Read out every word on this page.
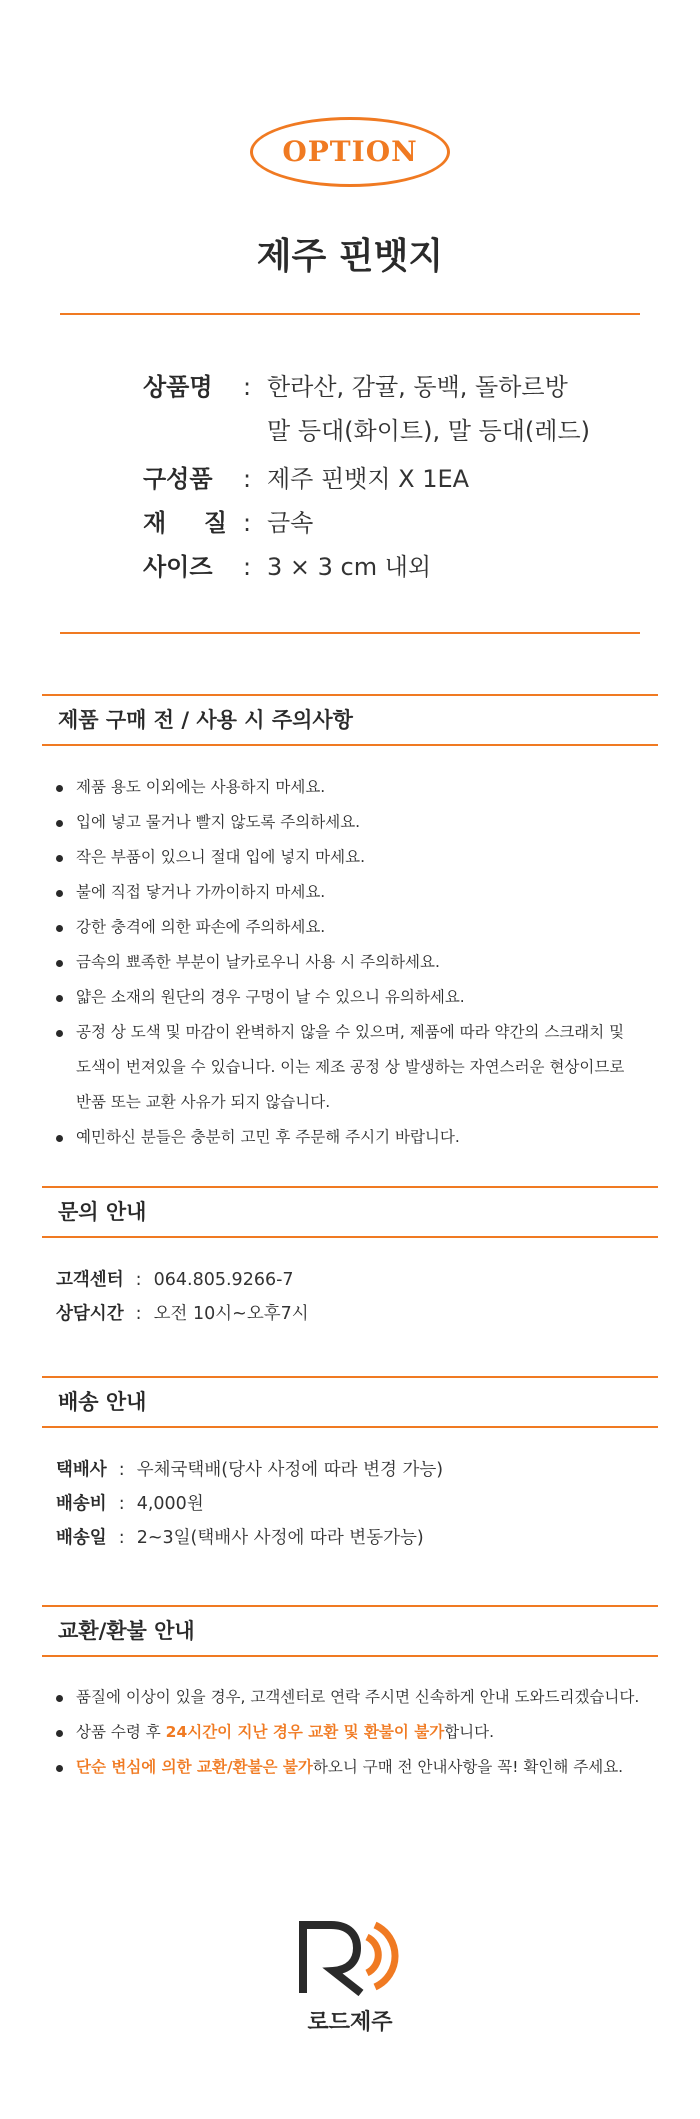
OPTION
제주 핀뱃지
상품명	: 한라산, 감귤, 동백, 돌하르방
말 등대(화이트), 말 등대(레드)
구성품	: 제주 핀뱃지 X 1EA
재 질 : 금속
사이즈	: 3 × 3 cm 내외
제품 구매 전 / 사용 시 주의사항
제품 용도 이외에는 사용하지 마세요.
입에 넣고 물거나 빨지 않도록 주의하세요.
작은 부품이 있으니 절대 입에 넣지 마세요.
불에 직접 닿거나 가까이하지 마세요.
강한 충격에 의한 파손에 주의하세요.
금속의 뾰족한 부분이 날카로우니 사용 시 주의하세요.
얇은 소재의 원단의 경우 구멍이 날 수 있으니 유의하세요.
공정 상 도색 및 마감이 완벽하지 않을 수 있으며, 제품에 따라 약간의 스크래치 및
도색이 번져있을 수 있습니다. 이는 제조 공정 상 발생하는 자연스러운 현상이므로
반품 또는 교환 사유가 되지 않습니다.
예민하신 분들은 충분히 고민 후 주문해 주시기 바랍니다.
문의 안내
고객센터 : 064.805.9266-7
상담시간 : 오전 10시~오후7시
배송 안내
택배사 : 우체국택배(당사 사정에 따라 변경 가능)
배송비 : 4,000원
배송일 : 2~3일(택배사 사정에 따라 변동가능)
교환/환불 안내
품질에 이상이 있을 경우, 고객센터로 연락 주시면 신속하게 안내 도와드리겠습니다.
상품 수령 후 24시간이 지난 경우 교환 및 환불이 불가합니다.
단순 변심에 의한 교환/환불은 불가하오니 구매 전 안내사항을 꼭! 확인해 주세요.
로드제주
